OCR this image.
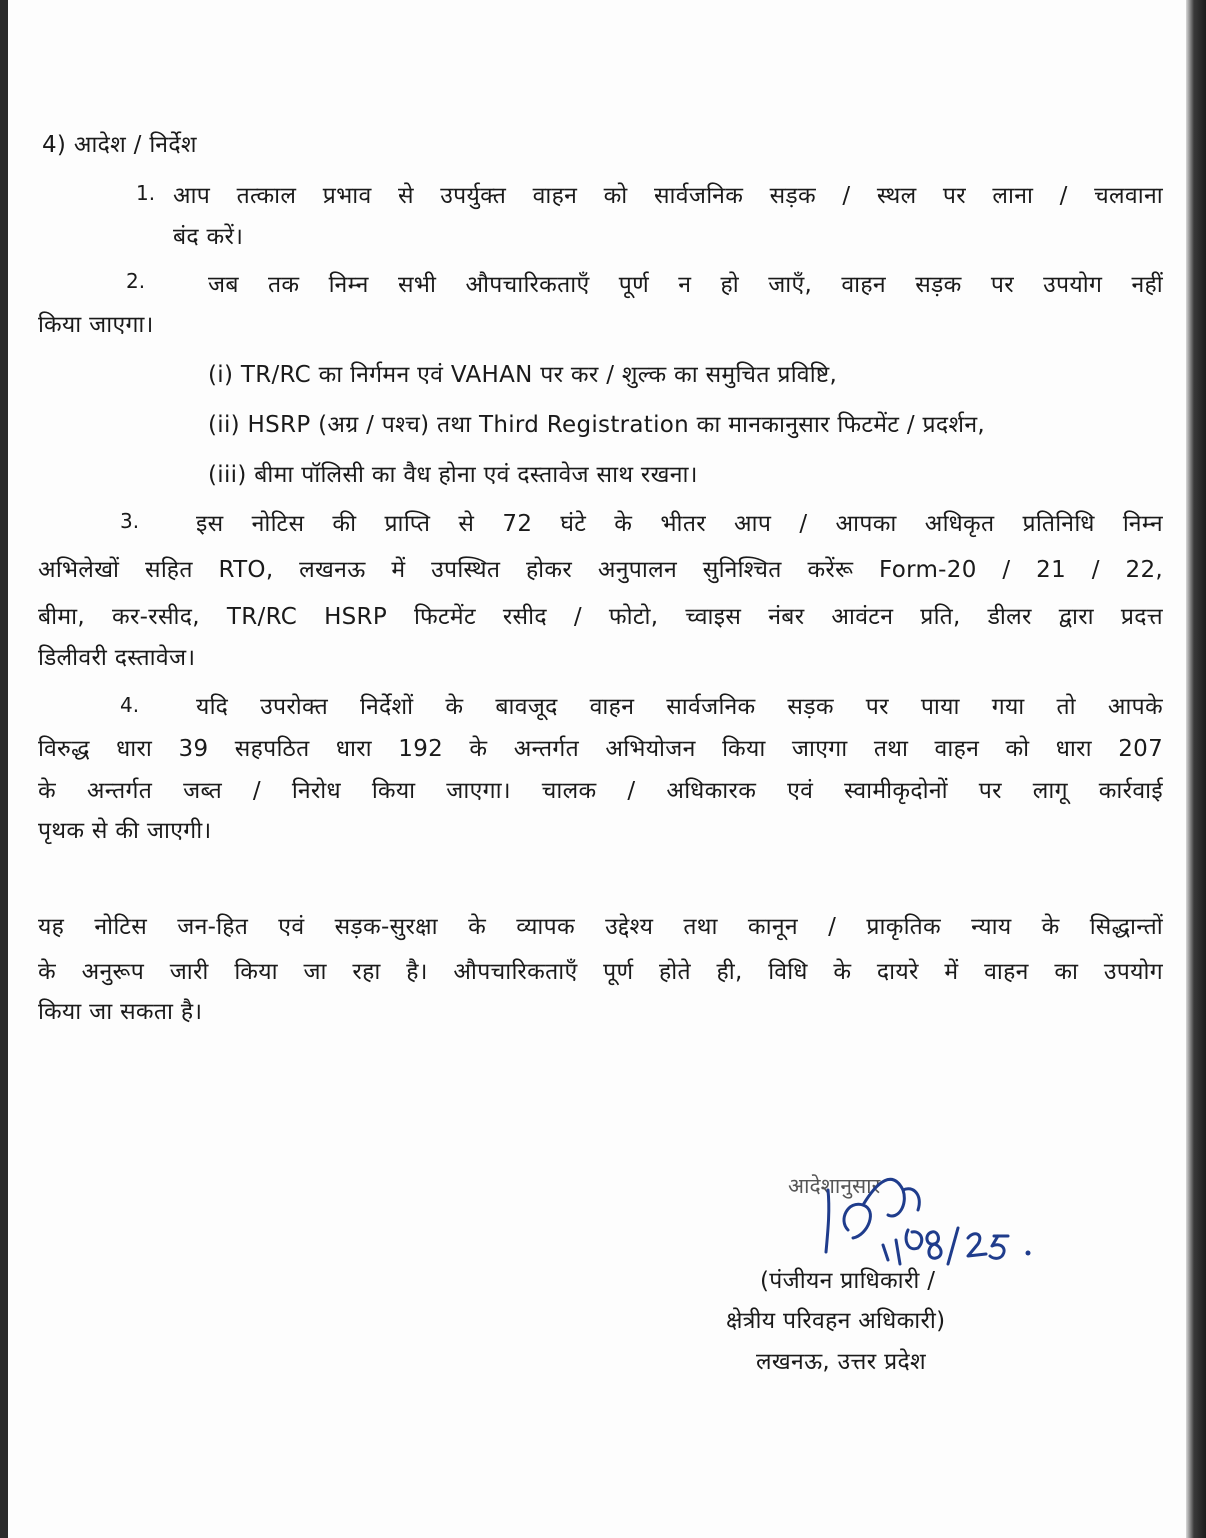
4) आदेश / निर्देश
1. आप तत्काल प्रभाव से उपर्युक्त वाहन को सार्वजनिक सड़क / स्थल पर लाना / चलवाना
बंद करें।
2.	जब तक निम्न सभी औपचारिकताएँ पूर्ण न हो जाएँ, वाहन सड़क पर उपयोग नहीं
किया जाएगा।
(i) TR/RC का निर्गमन एवं VAHAN पर कर / शुल्क का समुचित प्रविष्टि,
(ii) HSRP (अग्र / पश्च) तथा Third Registration का मानकानुसार फिटमेंट / प्रदर्शन,
(iii) बीमा पॉलिसी का वैध होना एवं दस्तावेज साथ रखना।
3. इस नोटिस की प्राप्ति से 72 घंटे के भीतर आप / आपका अधिकृत प्रतिनिधि निम्न
अभिलेखों सहित RTO, लखनऊ में उपस्थित होकर अनुपालन सुनिश्चित करेंरू Form-20 / 21 / 22,
बीमा, कर-रसीद, TR/RC HSRP फिटमेंट रसीद / फोटो, च्वाइस नंबर आवंटन प्रति, डीलर द्वारा प्रदत्त
डिलीवरी दस्तावेज।
4. यदि उपरोक्त निर्देशों के बावजूद वाहन सार्वजनिक सड़क पर पाया गया तो आपके
विरुद्ध धारा 39 सहपठित धारा 192 के अन्तर्गत अभियोजन किया जाएगा तथा वाहन को धारा 207
के अन्तर्गत जब्त / निरोध किया जाएगा। चालक / अधिकारक एवं स्वामीकृदोनों पर लागू कार्रवाई
पृथक से की जाएगी।
यह नोटिस जन-हित एवं सड़क-सुरक्षा के व्यापक उद्देश्य तथा कानून / प्राकृतिक न्याय के सिद्धान्तों
के अनुरूप जारी किया जा रहा है। औपचारिकताएँ पूर्ण होते ही, विधि के दायरे में वाहन का उपयोग
किया जा सकता है।
आदेशानुसार
(पंजीयन प्राधिकारी /
क्षेत्रीय परिवहन अधिकारी)
लखनऊ, उत्तर प्रदेश
